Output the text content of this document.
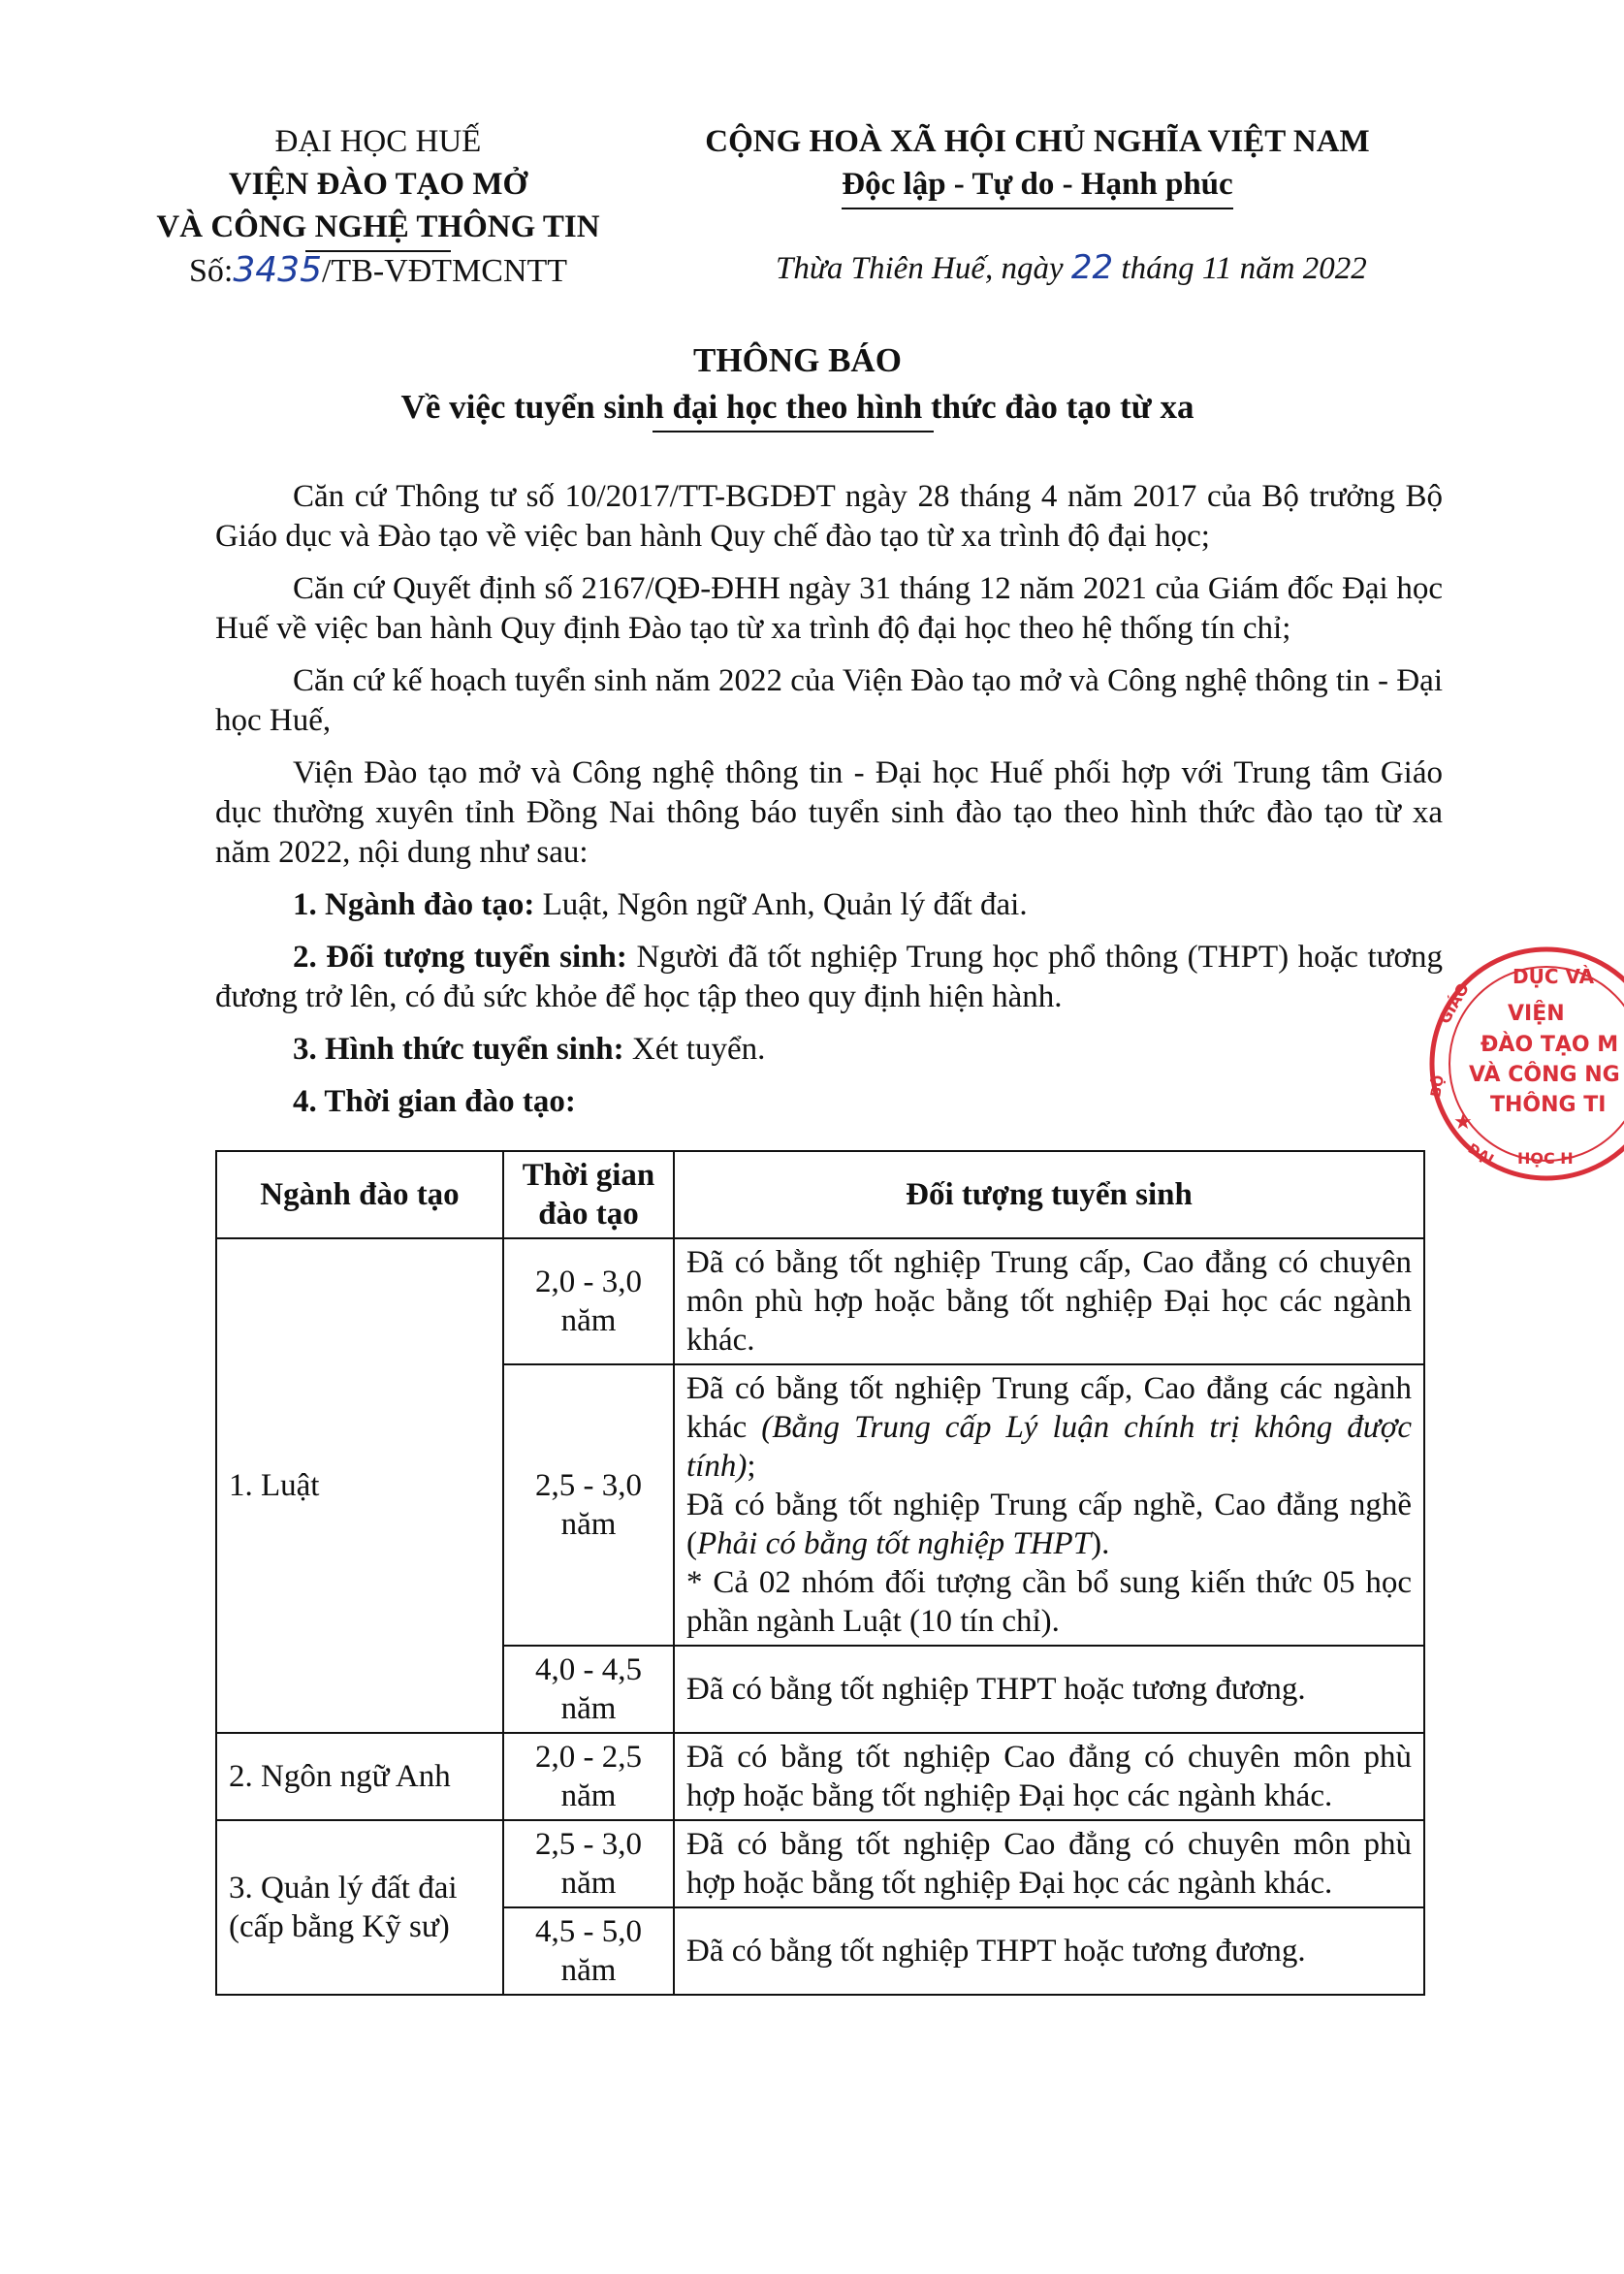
ĐẠI HỌC HUẾ
VIỆN ĐÀO TẠO MỞ
VÀ CÔNG NGHỆ THÔNG TIN
Số:3435/TB-VĐTMCNTT
CỘNG HOÀ XÃ HỘI CHỦ NGHĨA VIỆT NAM
Độc lập - Tự do - Hạnh phúc
Thừa Thiên Huế, ngày 22 tháng 11 năm 2022
THÔNG BÁO
Về việc tuyển sinh đại học theo hình thức đào tạo từ xa

Căn cứ Thông tư số 10/2017/TT-BGDĐT ngày 28 tháng 4 năm 2017 của Bộ trưởng Bộ Giáo dục và Đào tạo về việc ban hành Quy chế đào tạo từ xa trình độ đại học;

Căn cứ Quyết định số 2167/QĐ-ĐHH ngày 31 tháng 12 năm 2021 của Giám đốc Đại học Huế về việc ban hành Quy định Đào tạo từ xa trình độ đại học theo hệ thống tín chỉ;

Căn cứ kế hoạch tuyển sinh năm 2022 của Viện Đào tạo mở và Công nghệ thông tin - Đại học Huế,

Viện Đào tạo mở và Công nghệ thông tin - Đại học Huế phối hợp với Trung tâm Giáo dục thường xuyên tỉnh Đồng Nai thông báo tuyển sinh đào tạo theo hình thức đào tạo từ xa năm 2022, nội dung như sau:

1. Ngành đào tạo: Luật, Ngôn ngữ Anh, Quản lý đất đai.

2. Đối tượng tuyển sinh: Người đã tốt nghiệp Trung học phổ thông (THPT) hoặc tương đương trở lên, có đủ sức khỏe để học tập theo quy định hiện hành.

3. Hình thức tuyển sinh: Xét tuyển.

4. Thời gian đào tạo:

Ngành đào tạo	Thời gian đào tạo	Đối tượng tuyển sinh
1. Luật	2,0 - 3,0 năm	Đã có bằng tốt nghiệp Trung cấp, Cao đẳng có chuyên môn phù hợp hoặc bằng tốt nghiệp Đại học các ngành khác.
	2,5 - 3,0 năm	Đã có bằng tốt nghiệp Trung cấp, Cao đẳng các ngành khác (Bằng Trung cấp Lý luận chính trị không được tính);
Đã có bằng tốt nghiệp Trung cấp nghề, Cao đẳng nghề (Phải có bằng tốt nghiệp THPT).
* Cả 02 nhóm đối tượng cần bổ sung kiến thức 05 học phần ngành Luật (10 tín chỉ).

	4,0 - 4,5 năm	Đã có bằng tốt nghiệp THPT hoặc tương đương.
2. Ngôn ngữ Anh	2,0 - 2,5 năm	Đã có bằng tốt nghiệp Cao đẳng có chuyên môn phù hợp hoặc bằng tốt nghiệp Đại học các ngành khác.
3. Quản lý đất đai (cấp bằng Kỹ sư)	2,5 - 3,0 năm	Đã có bằng tốt nghiệp Cao đẳng có chuyên môn phù hợp hoặc bằng tốt nghiệp Đại học các ngành khác.
	4,5 - 5,0 năm	Đã có bằng tốt nghiệp THPT hoặc tương đương.
DỤC VÀ
GIÁO
BỘ
VIỆN
ĐÀO TẠO M
VÀ CÔNG NG
THÔNG TI
ĐẠI HỌC H
★
